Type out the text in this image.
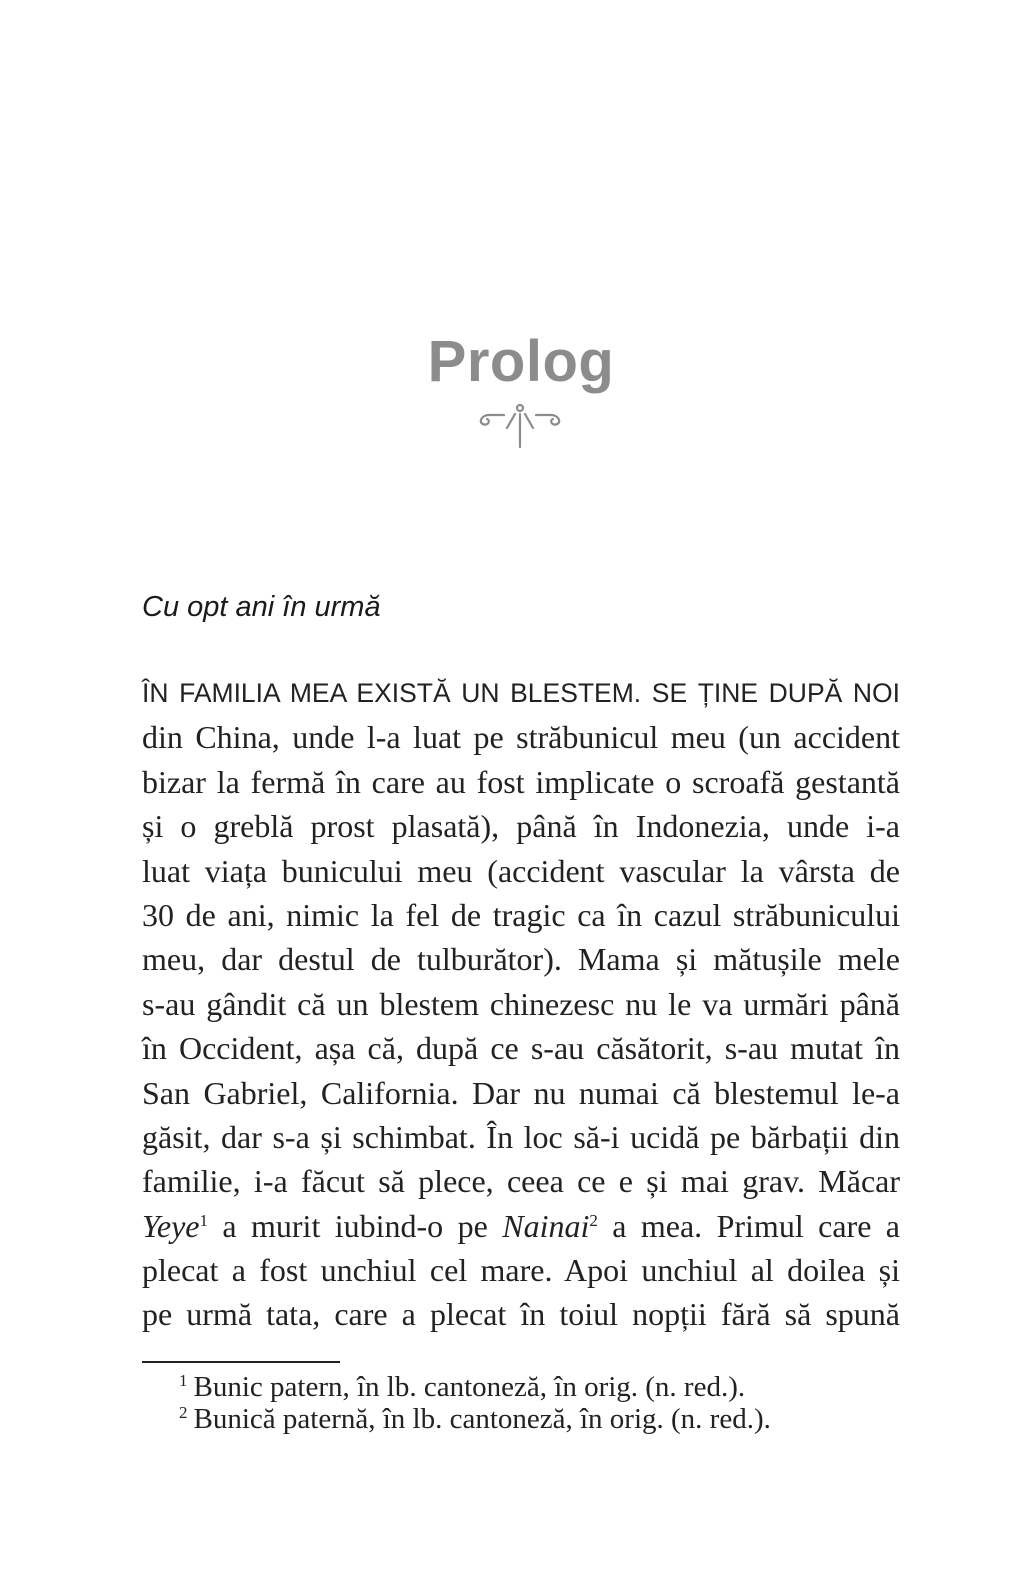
Prolog
Cu opt ani în urmă
ÎN FAMILIA MEA EXISTĂ UN BLESTEM. SE ȚINE DUPĂ NOI
din China, unde l-a luat pe străbunicul meu (un accident
bizar la fermă în care au fost implicate o scroafă gestantă
și o greblă prost plasată), până în Indonezia, unde i-a
luat viața bunicului meu (accident vascular la vârsta de
30 de ani, nimic la fel de tragic ca în cazul străbunicului
meu, dar destul de tulburător). Mama și mătușile mele
s-au gândit că un blestem chinezesc nu le va urmări până
în Occident, așa că, după ce s-au căsătorit, s-au mutat în
San Gabriel, California. Dar nu numai că blestemul le-a
găsit, dar s-a și schimbat. În loc să-i ucidă pe bărbații din
familie, i-a făcut să plece, ceea ce e și mai grav. Măcar
Yeye$^1$ a murit iubind-o pe Nainai$^2$ a mea. Primul care a
plecat a fost unchiul cel mare. Apoi unchiul al doilea și
pe urmă tata, care a plecat în toiul nopții fără să spună
$^1$ Bunic patern, în lb. cantoneză, în orig. (n. red.).
$^2$ Bunică paternă, în lb. cantoneză, în orig. (n. red.).
